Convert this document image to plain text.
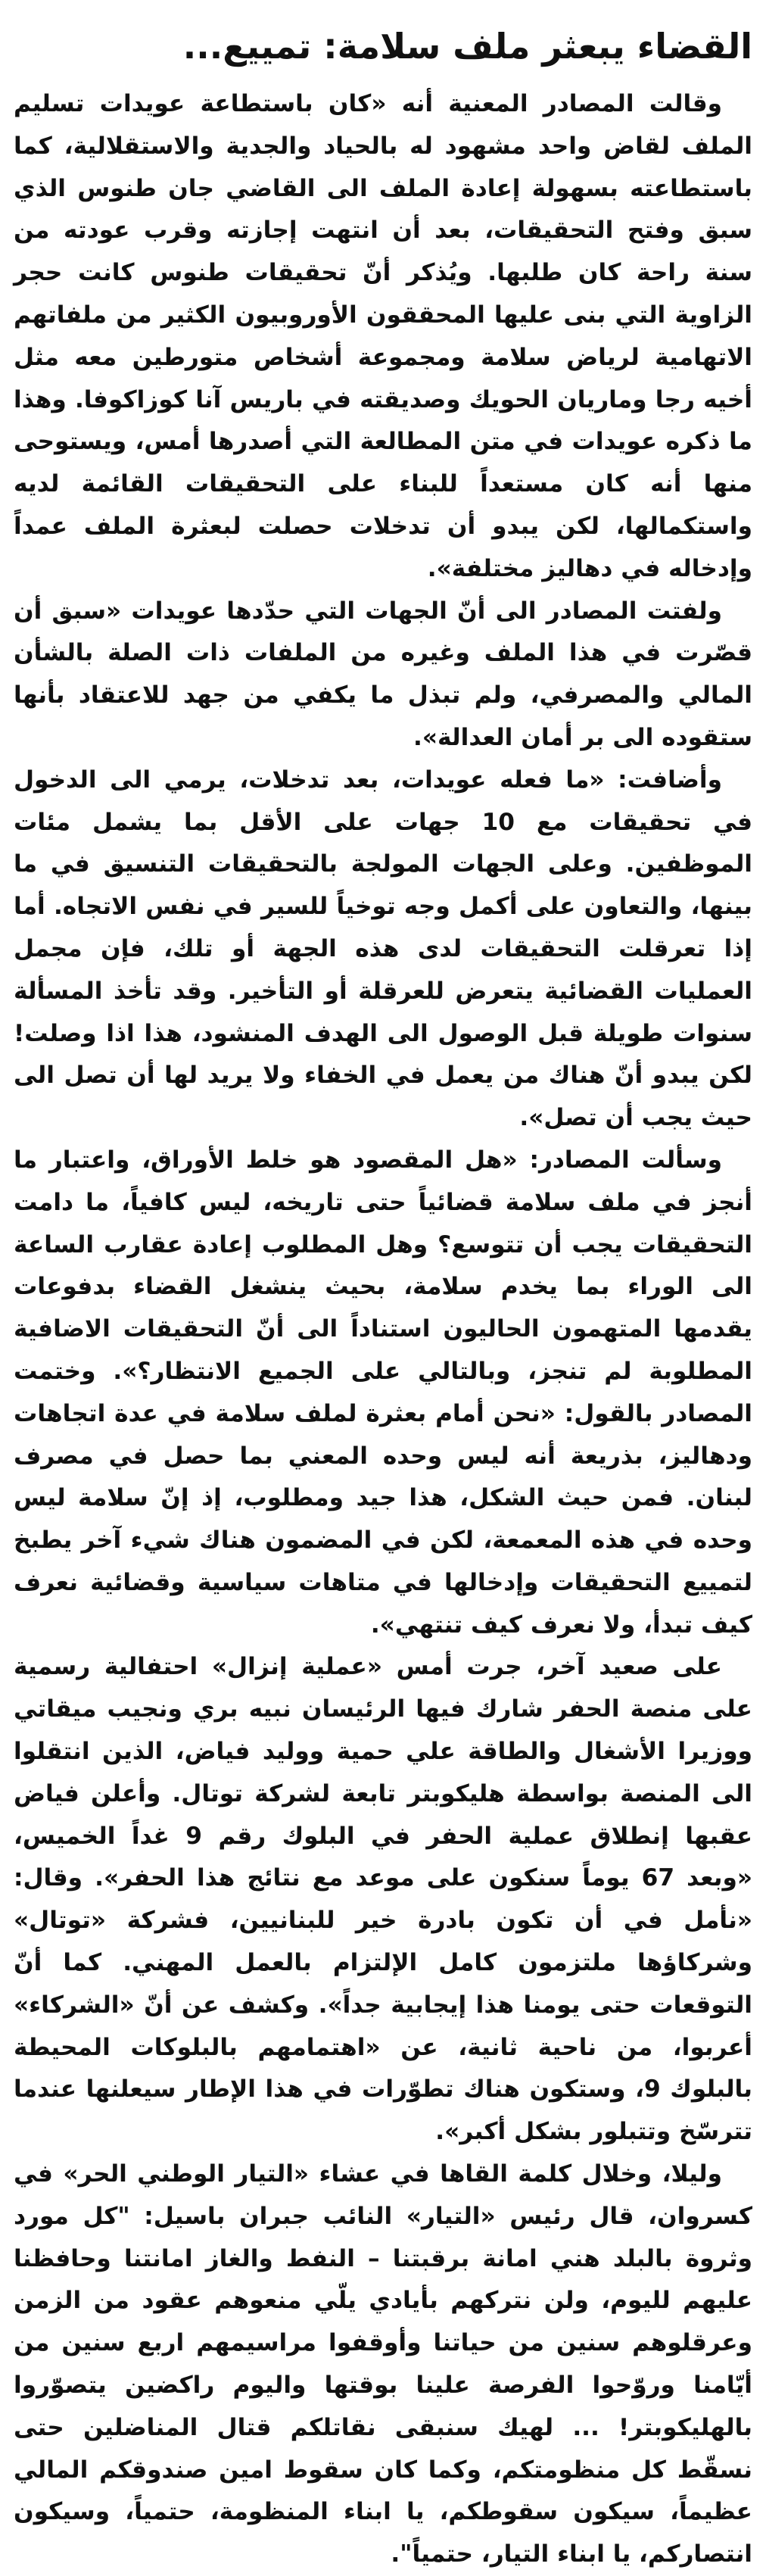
القضاء يبعثر ملف سلامة: تمييع...

وقالت المصادر المعنية أنه «كان باستطاعة عويدات تسليم الملف لقاض واحد مشهود له بالحياد والجدية والاستقلالية، كما باستطاعته بسهولة إعادة الملف الى القاضي جان طنوس الذي سبق وفتح التحقيقات، بعد أن انتهت إجازته وقرب عودته من سنة راحة كان طلبها. ويُذكر أنّ تحقيقات طنوس كانت حجر الزاوية التي بنى عليها المحققون الأوروبيون الكثير من ملفاتهم الاتهامية لرياض سلامة ومجموعة أشخاص متورطين معه مثل أخيه رجا وماريان الحويك وصديقته في باريس آنا كوزاكوفا. وهذا ما ذكره عويدات في متن المطالعة التي أصدرها أمس، ويستوحى منها أنه كان مستعداً للبناء على التحقيقات القائمة لديه واستكمالها، لكن يبدو أن تدخلات حصلت لبعثرة الملف عمداً وإدخاله في دهاليز مختلفة».

ولفتت المصادر الى أنّ الجهات التي حدّدها عويدات «سبق أن قصّرت في هذا الملف وغيره من الملفات ذات الصلة بالشأن المالي والمصرفي، ولم تبذل ما يكفي من جهد للاعتقاد بأنها ستقوده الى بر أمان العدالة».

وأضافت: «ما فعله عويدات، بعد تدخلات، يرمي الى الدخول في تحقيقات مع 10 جهات على الأقل بما يشمل مئات الموظفين. وعلى الجهات المولجة بالتحقيقات التنسيق في ما بينها، والتعاون على أكمل وجه توخياً للسير في نفس الاتجاه. أما إذا تعرقلت التحقيقات لدى هذه الجهة أو تلك، فإن مجمل العمليات القضائية يتعرض للعرقلة أو التأخير. وقد تأخذ المسألة سنوات طويلة قبل الوصول الى الهدف المنشود، هذا اذا وصلت! لكن يبدو أنّ هناك من يعمل في الخفاء ولا يريد لها أن تصل الى حيث يجب أن تصل».

وسألت المصادر: «هل المقصود هو خلط الأوراق، واعتبار ما أنجز في ملف سلامة قضائياً حتى تاريخه، ليس كافياً، ما دامت التحقيقات يجب أن تتوسع؟ وهل المطلوب إعادة عقارب الساعة الى الوراء بما يخدم سلامة، بحيث ينشغل القضاء بدفوعات يقدمها المتهمون الحاليون استناداً الى أنّ التحقيقات الاضافية المطلوبة لم تنجز، وبالتالي على الجميع الانتظار؟». وختمت المصادر بالقول: «نحن أمام بعثرة لملف سلامة في عدة اتجاهات ودهاليز، بذريعة أنه ليس وحده المعني بما حصل في مصرف لبنان. فمن حيث الشكل، هذا جيد ومطلوب، إذ إنّ سلامة ليس وحده في هذه المعمعة، لكن في المضمون هناك شيء آخر يطبخ لتمييع التحقيقات وإدخالها في متاهات سياسية وقضائية نعرف كيف تبدأ، ولا نعرف كيف تنتهي».

على صعيد آخر، جرت أمس «عملية إنزال» احتفالية رسمية على منصة الحفر شارك فيها الرئيسان نبيه بري ونجيب ميقاتي ووزيرا الأشغال والطاقة علي حمية ووليد فياض، الذين انتقلوا الى المنصة بواسطة هليكوبتر تابعة لشركة توتال. وأعلن فياض عقبها إنطلاق عملية الحفر في البلوك رقم 9 غداً الخميس، «وبعد 67 يوماً سنكون على موعد مع نتائج هذا الحفر». وقال: «نأمل في أن تكون بادرة خير للبنانيين، فشركة «توتال» وشركاؤها ملتزمون كامل الإلتزام بالعمل المهني. كما أنّ التوقعات حتى يومنا هذا إيجابية جداً». وكشف عن أنّ «الشركاء» أعربوا، من ناحية ثانية، عن «اهتمامهم بالبلوكات المحيطة بالبلوك 9، وستكون هناك تطوّرات في هذا الإطار سيعلنها عندما تترسّخ وتتبلور بشكل أكبر».

وليلا، وخلال كلمة القاها في عشاء «التيار الوطني الحر» في كسروان، قال رئيس «التيار» النائب جبران باسيل: "كل مورد وثروة بالبلد هني امانة برقبتنا – النفط والغاز امانتنا وحافظنا عليهم لليوم، ولن نتركهم بأيادي يلّي منعوهم عقود من الزمن وعرقلوهم سنين من حياتنا وأوقفوا مراسيمهم اربع سنين من أيّامنا وروّحوا الفرصة علينا بوقتها واليوم راكضين يتصوّروا بالهليكوبتر! ... لهيك سنبقى نقاتلكم قتال المناضلين حتى نسقّط كل منظومتكم، وكما كان سقوط امين صندوقكم المالي عظيماً، سيكون سقوطكم، يا ابناء المنظومة، حتمياً، وسيكون انتصاركم، يا ابناء التيار، حتمياً".
